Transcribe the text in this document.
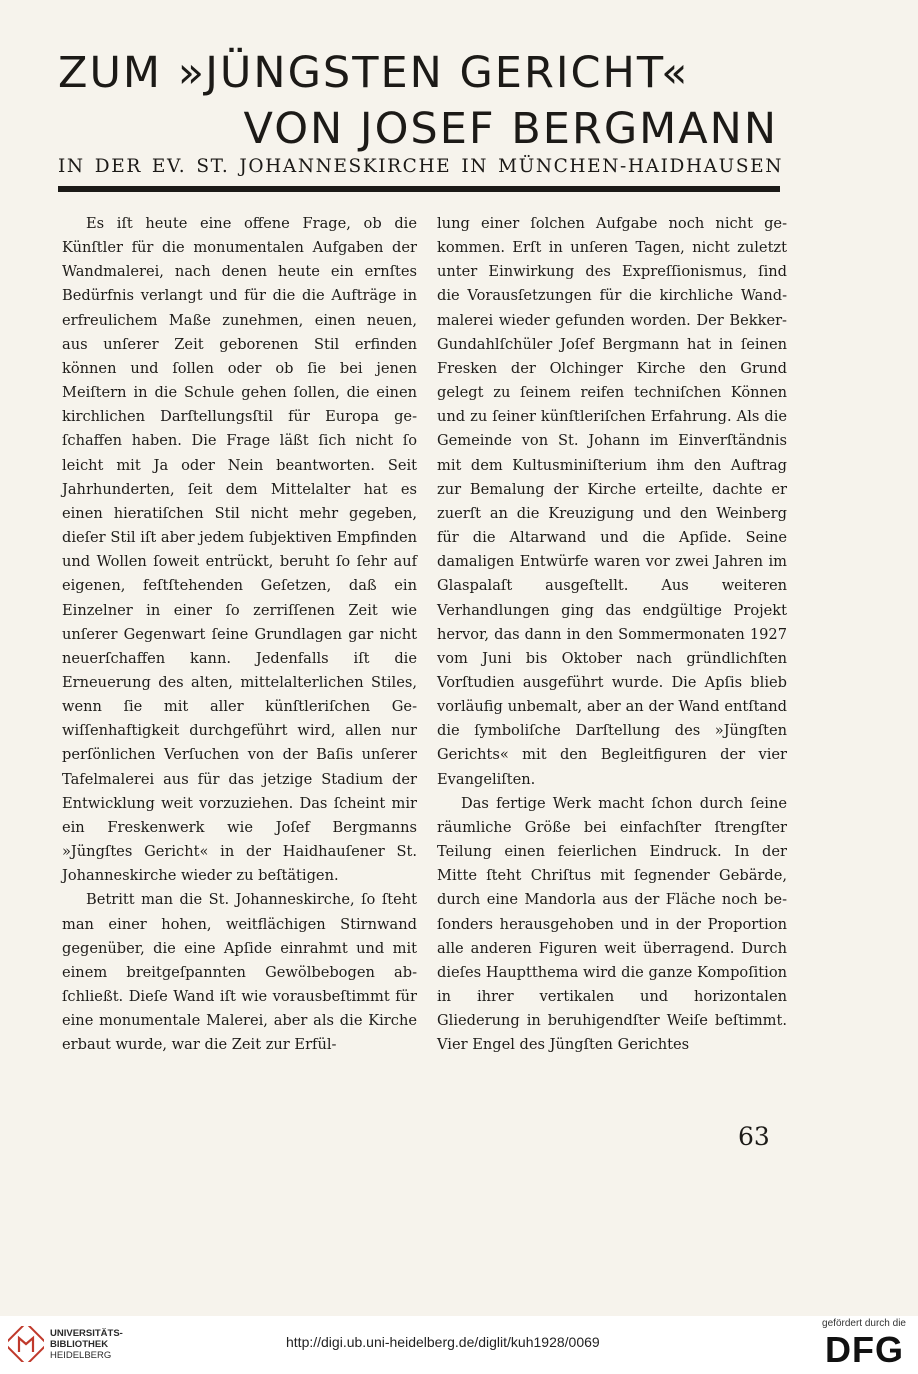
ZUM »JÜNGSTEN GERICHT«
VON JOSEF BERGMANN
IN DER EV. ST. JOHANNESKIRCHE IN MÜNCHEN-HAIDHAUSEN

Es iſt heute eine offene Frage, ob die Künſtler für die monumentalen Aufgaben der Wandmalerei, nach denen heute ein ernſtes Bedürfnis verlangt und für die die Aufträge in erfreulichem Maße zunehmen, einen neuen, aus unſerer Zeit geborenen Stil erfinden können und ſollen oder ob ſie bei jenen Meiſtern in die Schule gehen ſollen, die einen kirchlichen Darſtellungsſtil für Europa geſchaffen haben. Die Frage läßt ſich nicht ſo leicht mit Ja oder Nein beantworten. Seit Jahrhunderten, ſeit dem Mittelalter hat es einen hieratiſchen Stil nicht mehr gegeben, dieſer Stil iſt aber jedem ſubjektiven Empfinden und Wollen ſoweit entrückt, beruht ſo ſehr auf eigenen, feſtſtehenden Geſetzen, daß ein Einzelner in einer ſo zerriſſenen Zeit wie unſerer Gegenwart ſeine Grundlagen gar nicht neuerſchaffen kann. Jedenfalls iſt die Erneuerung des alten, mittelalterlichen Stiles, wenn ſie mit aller künſtleriſchen Gewiſſenhaftigkeit durchgeführt wird, allen nur perſönlichen Verſuchen von der Baſis unſerer Tafelmalerei aus für das jetzige Stadium der Entwicklung weit vorzuziehen. Das ſcheint mir ein Freskenwerk wie Joſef Bergmanns »Jüngſtes Gericht« in der Haidhauſener St. Johanneskirche wieder zu beſtätigen.

Betritt man die St. Johanneskirche, ſo ſteht man einer hohen, weitflächigen Stirnwand gegenüber, die eine Apſide einrahmt und mit einem breitgeſpannten Gewölbebogen abſchließt. Dieſe Wand iſt wie vorausbeſtimmt für eine monumentale Malerei, aber als die Kirche erbaut wurde, war die Zeit zur Erfül-

lung einer ſolchen Aufgabe noch nicht gekommen. Erſt in unſeren Tagen, nicht zuletzt unter Einwirkung des Expreſſionismus, ſind die Vorausſetzungen für die kirchliche Wandmalerei wieder gefunden worden. Der Bekker-Gundahlſchüler Joſef Bergmann hat in ſeinen Fresken der Olchinger Kirche den Grund gelegt zu ſeinem reifen techniſchen Können und zu ſeiner künſtleriſchen Erfahrung. Als die Gemeinde von St. Johann im Einverſtändnis mit dem Kultusminiſterium ihm den Auftrag zur Bemalung der Kirche erteilte, dachte er zuerſt an die Kreuzigung und den Weinberg für die Altarwand und die Apſide. Seine damaligen Entwürfe waren vor zwei Jahren im Glaspalaſt ausgeſtellt. Aus weiteren Verhandlungen ging das endgültige Projekt hervor, das dann in den Sommermonaten 1927 vom Juni bis Oktober nach gründlichſten Vorſtudien ausgeführt wurde. Die Apſis blieb vorläufig unbemalt, aber an der Wand entſtand die ſymboliſche Darſtellung des »Jüngſten Gerichts« mit den Begleitfiguren der vier Evangeliſten.

Das fertige Werk macht ſchon durch ſeine räumliche Größe bei einfachſter ſtrengſter Teilung einen feierlichen Eindruck. In der Mitte ſteht Chriſtus mit ſegnender Gebärde, durch eine Mandorla aus der Fläche noch beſonders herausgehoben und in der Proportion alle anderen Figuren weit überragend. Durch dieſes Hauptthema wird die ganze Kompoſition in ihrer vertikalen und horizontalen Gliederung in beruhigendſter Weiſe beſtimmt. Vier Engel des Jüngſten Gerichtes

63
UNIVERSITÄTS-
BIBLIOTHEK
HEIDELBERG
http://digi.ub.uni-heidelberg.de/diglit/kuh1928/0069
gefördert durch die
DFG
